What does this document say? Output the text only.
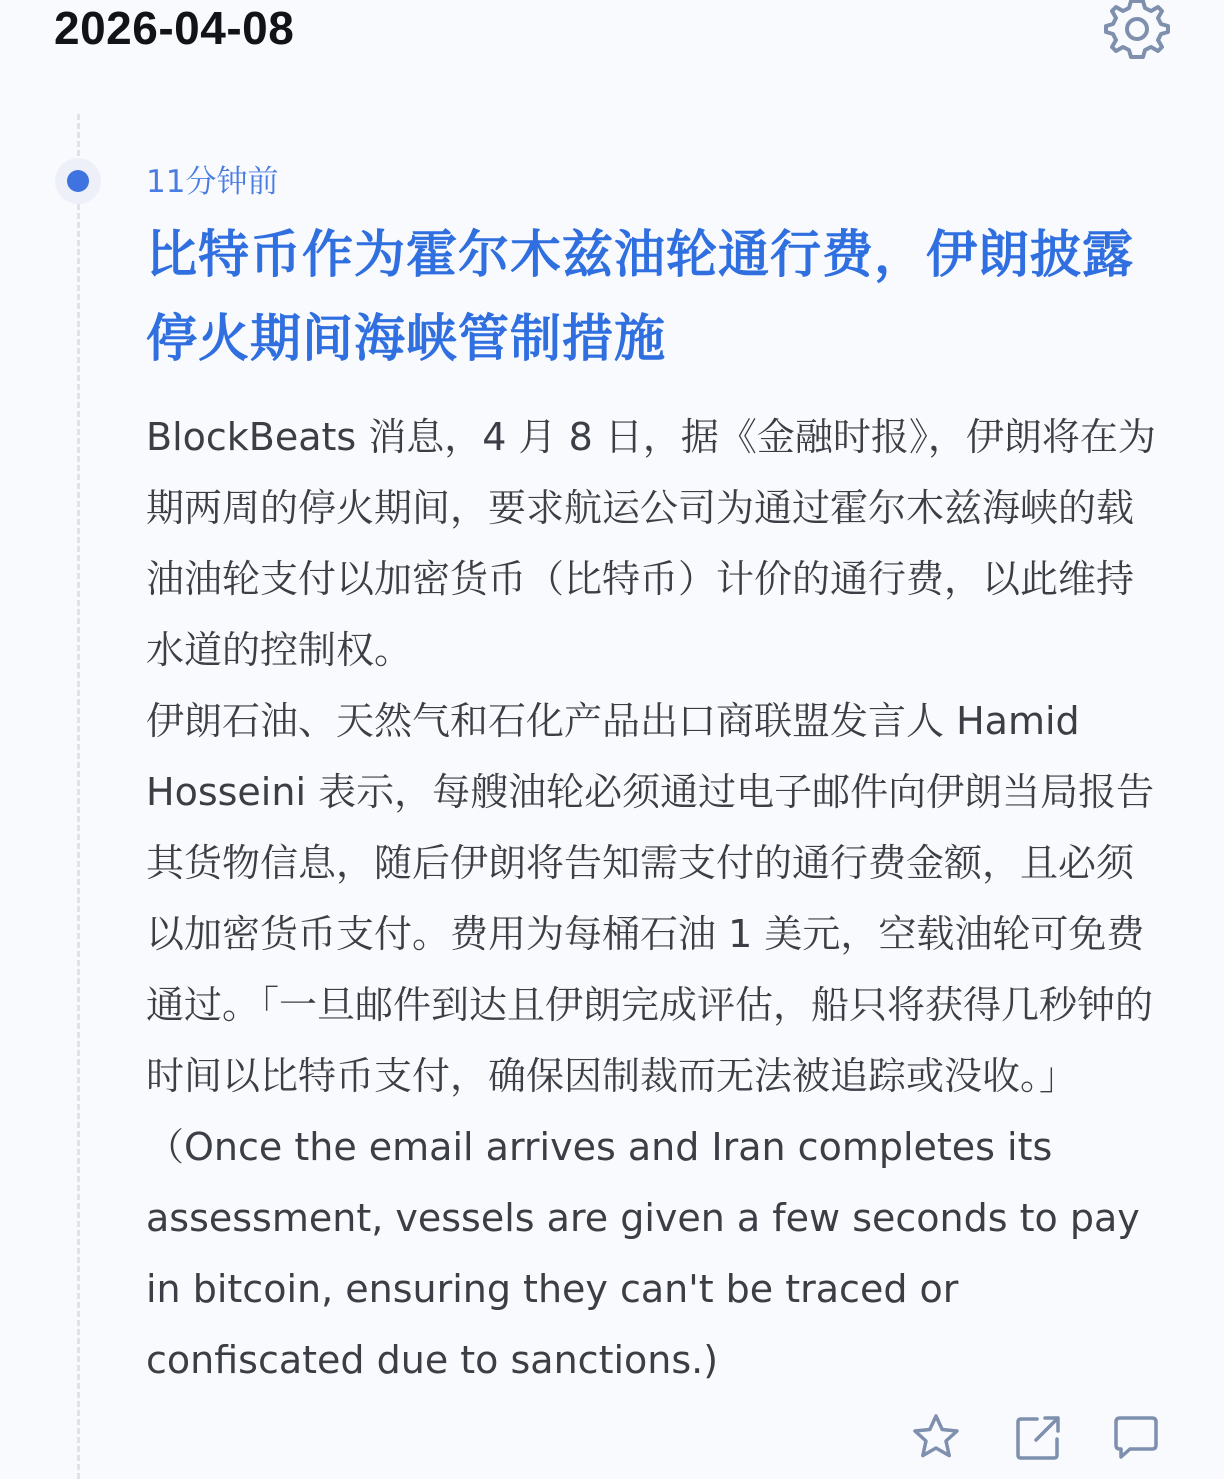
2026-04-08
11分钟前
比特币作为霍尔木兹油轮通行费，伊朗披露停火期间海峡管制措施

BlockBeats 消息，4 月 8 日，据《金融时报》，伊朗将在为期两周的停火期间，要求航运公司为通过霍尔木兹海峡的载油油轮支付以加密货币（比特币）计价的通行费，以此维持水道的控制权。

伊朗石油、天然气和石化产品出口商联盟发言人 Hamid Hosseini 表示，每艘油轮必须通过电子邮件向伊朗当局报告其货物信息，随后伊朗将告知需支付的通行费金额，且必须以加密货币支付。费用为每桶石油 1 美元，空载油轮可免费通过。「一旦邮件到达且伊朗完成评估，船只将获得几秒钟的时间以比特币支付，确保因制裁而无法被追踪或没收。」（Once the email arrives and Iran completes its assessment, vessels are given a few seconds to pay in bitcoin, ensuring they can't be traced or confiscated due to sanctions.)
